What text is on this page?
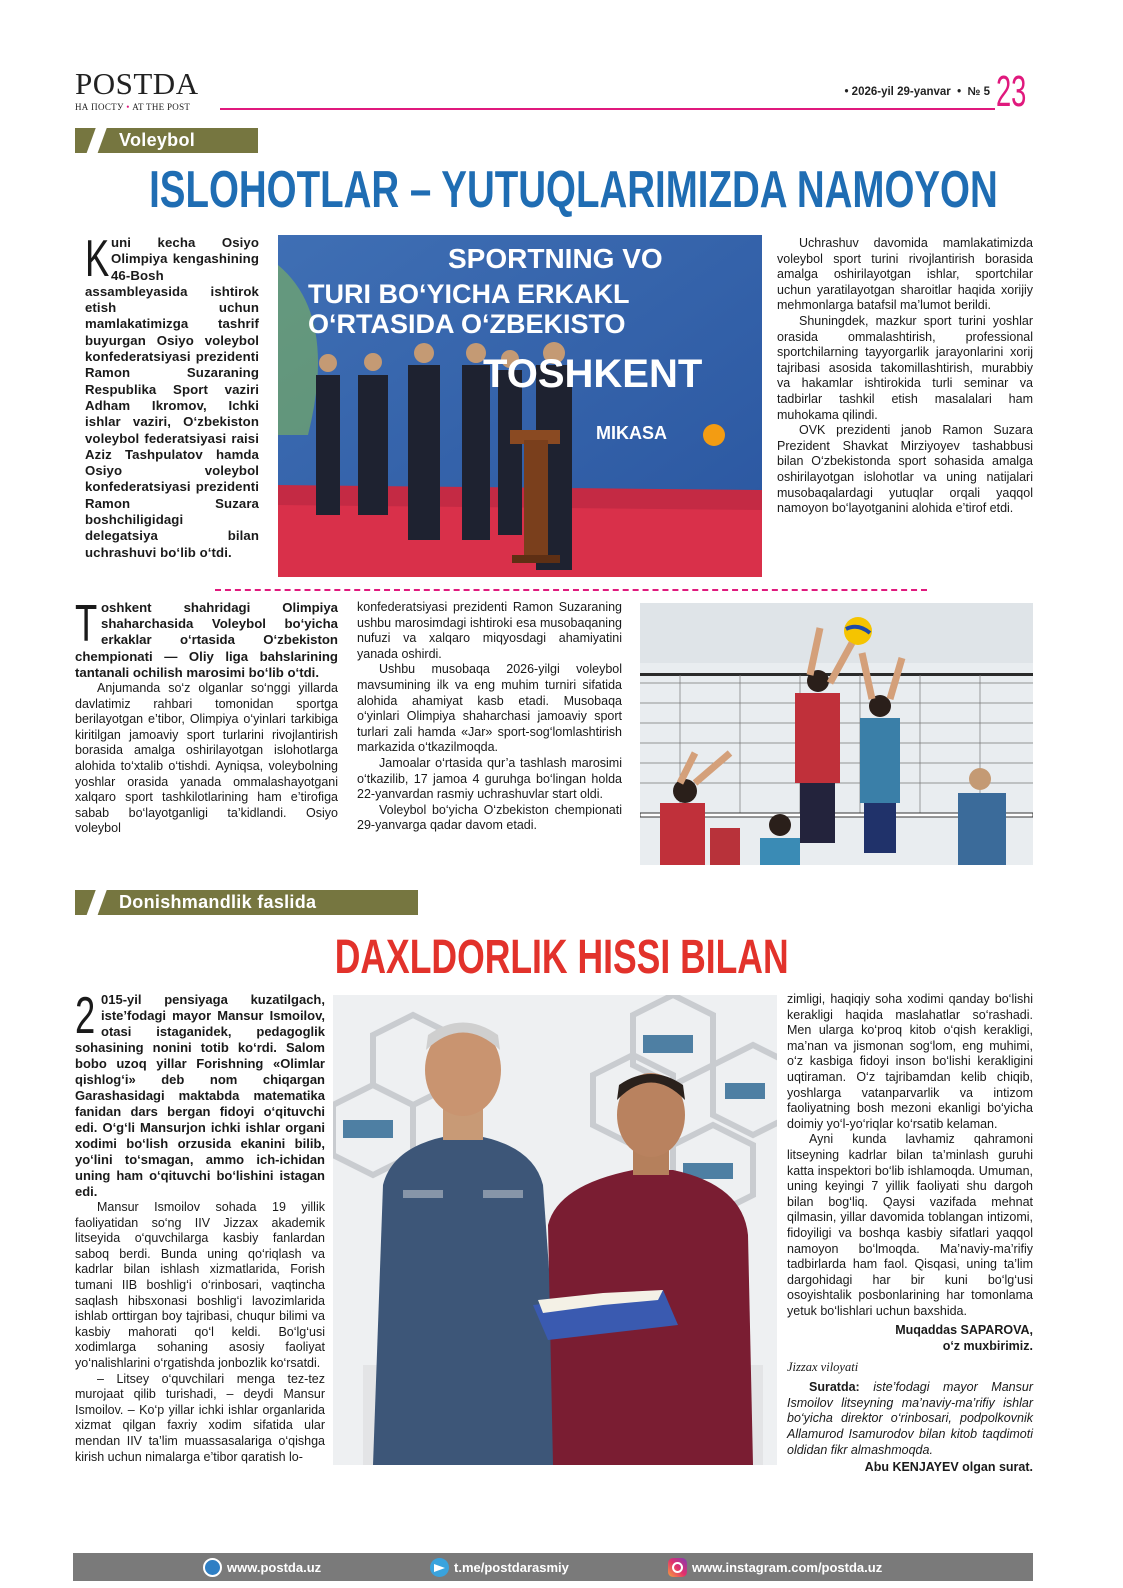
POSTDA
НА ПОСТУ • AT THE POST
• 2026-yil 29-yanvar  •  № 5 23
Voleybol
ISLOHOTLAR – YUTUQLARIMIZDA NAMOYON
Kuni kecha Osiyo Olimpiya kengashining 46-Bosh assambleyasida ishtirok etish uchun mamlakatimizga tashrif buyurgan Osiyo voleybol konfederatsiyasi prezidenti Ramon Suzaraning Respublika Sport vaziri Adham Ikromov, Ichki ishlar vaziri, O‘zbekiston voleybol federatsiyasi raisi Aziz Tashpulatov hamda Osiyo voleybol konfederatsiyasi prezidenti Ramon Suzara boshchiligidagi delegatsiya bilan uchrashuvi bo‘lib o‘tdi.
SPORTNING VO
TURI BO‘YICHA ERKAKL
O‘RTASIDA O‘ZBEKISTO
TOSHKENT
MIKASA

Uchrashuv davomida mamlakatimizda voleybol sport turini rivojlantirish borasida amalga oshirilayotgan ishlar, sportchilar uchun yaratilayotgan sharoitlar haqida xorijiy mehmonlarga batafsil ma’lumot berildi.

Shuningdek, mazkur sport turini yoshlar orasida ommalashtirish, professional sportchilarning tayyorgarlik jarayonlarini xorij tajribasi asosida takomillashtirish, murabbiy va hakamlar ishtirokida turli seminar va tadbirlar tashkil etish masalalari ham muhokama qilindi.

OVK prezidenti janob Ramon Suzara Prezident Shavkat Mirziyoyev tashabbusi bilan O‘zbekistonda sport sohasida amalga oshirilayotgan islohotlar va uning natijalari musobaqalardagi yutuqlar orqali yaqqol namoyon bo‘layotganini alohida e’tirof etdi.

Toshkent shahridagi Olimpiya shaharchasida Voleybol bo‘yicha erkaklar o‘rtasida O‘zbekiston chempionati — Oliy liga bahslarining tantanali ochilish marosimi bo‘lib o‘tdi.

Anjumanda so‘z olganlar so‘nggi yillarda davlatimiz rahbari tomonidan sportga berilayotgan e’tibor, Olimpiya o‘yinlari tarkibiga kiritilgan jamoaviy sport turlarini rivojlantirish borasida amalga oshirilayotgan islohotlarga alohida to‘xtalib o‘tishdi. Ayniqsa, voleybolning yoshlar orasida yanada ommalashayotgani xalqaro sport tashkilotlarining ham e’tirofiga sabab bo‘layotganligi ta’kidlandi. Osiyo voleybol

konfederatsiyasi prezidenti Ramon Suzaraning ushbu marosimdagi ishtiroki esa musobaqaning nufuzi va xalqaro miqyosdagi ahamiyatini yanada oshirdi.

Ushbu musobaqa 2026-yilgi voleybol mavsumining ilk va eng muhim turniri sifatida alohida ahamiyat kasb etadi. Musobaqa o‘yinlari Olimpiya shaharchasi jamoaviy sport turlari zali hamda «Jar» sport-sog‘lomlashtirish markazida o‘tkazilmoqda.

Jamoalar o‘rtasida qur’a tashlash marosimi o‘tkazilib, 17 jamoa 4 guruhga bo‘lingan holda 22-yanvardan rasmiy uchrashuvlar start oldi.

Voleybol bo‘yicha O‘zbekiston chempionati 29-yanvarga qadar davom etadi.

Donishmandlik faslida
DAXLDORLIK HISSI BILAN

2 015-yil pensiyaga kuzatilgach, iste’fodagi mayor Mansur Ismoilov, otasi istaganidek, pedagoglik sohasining nonini totib ko‘rdi. Salom bobo uzoq yillar Forishning «Olimlar qishlog‘i» deb nom chiqargan Garashasidagi maktabda matematika fanidan dars bergan fidoyi o‘qituvchi edi. O‘g‘li Mansurjon ichki ishlar organi xodimi bo‘lish orzusida ekanini bilib, yo‘lini to‘smagan, ammo ich-ichidan uning ham o‘qituvchi bo‘lishini istagan edi.

Mansur Ismoilov sohada 19 yillik faoliyatidan so‘ng IIV Jizzax akademik litseyida o‘quvchilarga kasbiy fanlardan saboq berdi. Bunda uning qo‘riqlash va kadrlar bilan ishlash xizmatlarida, Forish tumani IIB boshlig‘i o‘rinbosari, vaqtincha saqlash hibsxonasi boshlig‘i lavozimlarida ishlab orttirgan boy tajribasi, chuqur bilimi va kasbiy mahorati qo‘l keldi. Bo‘lg‘usi xodimlarga sohaning asosiy faoliyat yo‘nalishlarini o‘rgatishda jonbozlik ko‘rsatdi.

– Litsey o‘quvchilari menga tez-tez murojaat qilib turishadi, – deydi Mansur Ismoilov. – Ko‘p yillar ichki ishlar organlarida xizmat qilgan faxriy xodim sifatida ular mendan IIV ta’lim muassasalariga o‘qishga kirish uchun nimalarga e’tibor qaratish lo-

zimligi, haqiqiy soha xodimi qanday bo‘lishi kerakligi haqida maslahatlar so‘rashadi. Men ularga ko‘proq kitob o‘qish kerakligi, ma’nan va jismonan sog‘lom, eng muhimi, o‘z kasbiga fidoyi inson bo‘lishi kerakligini uqtiraman. O‘z tajribamdan kelib chiqib, yoshlarga vatanparvarlik va intizom faoliyatning bosh mezoni ekanligi bo‘yicha doimiy yo‘l-yo‘riqlar ko‘rsatib kelaman.

Ayni kunda lavhamiz qahramoni litseyning kadrlar bilan ta’minlash guruhi katta inspektori bo‘lib ishlamoqda. Umuman, uning keyingi 7 yillik faoliyati shu dargoh bilan bog‘liq. Qaysi vazifada mehnat qilmasin, yillar davomida toblangan intizomi, fidoyiligi va boshqa kasbiy sifatlari yaqqol namoyon bo‘lmoqda. Ma’naviy-ma’rifiy tadbirlarda ham faol. Qisqasi, uning ta’lim dargohidagi har bir kuni bo‘lg‘usi osoyishtalik posbonlarining har tomonlama yetuk bo‘lishlari uchun baxshida.

Muqaddas SAPAROVA,
o‘z muxbirimiz.
Jizzax viloyati
Suratda: iste’fodagi mayor Mansur Ismoilov litseyning ma’naviy-ma’rifiy ishlar bo‘yicha direktor o‘rinbosari, podpolkovnik Allamurod Isamurodov bilan kitob taqdimoti oldidan fikr almashmoqda.
Abu KENJAYEV olgan surat.
www.postda.uz	t.me/postdarasmiy	www.instagram.com/postda.uz
